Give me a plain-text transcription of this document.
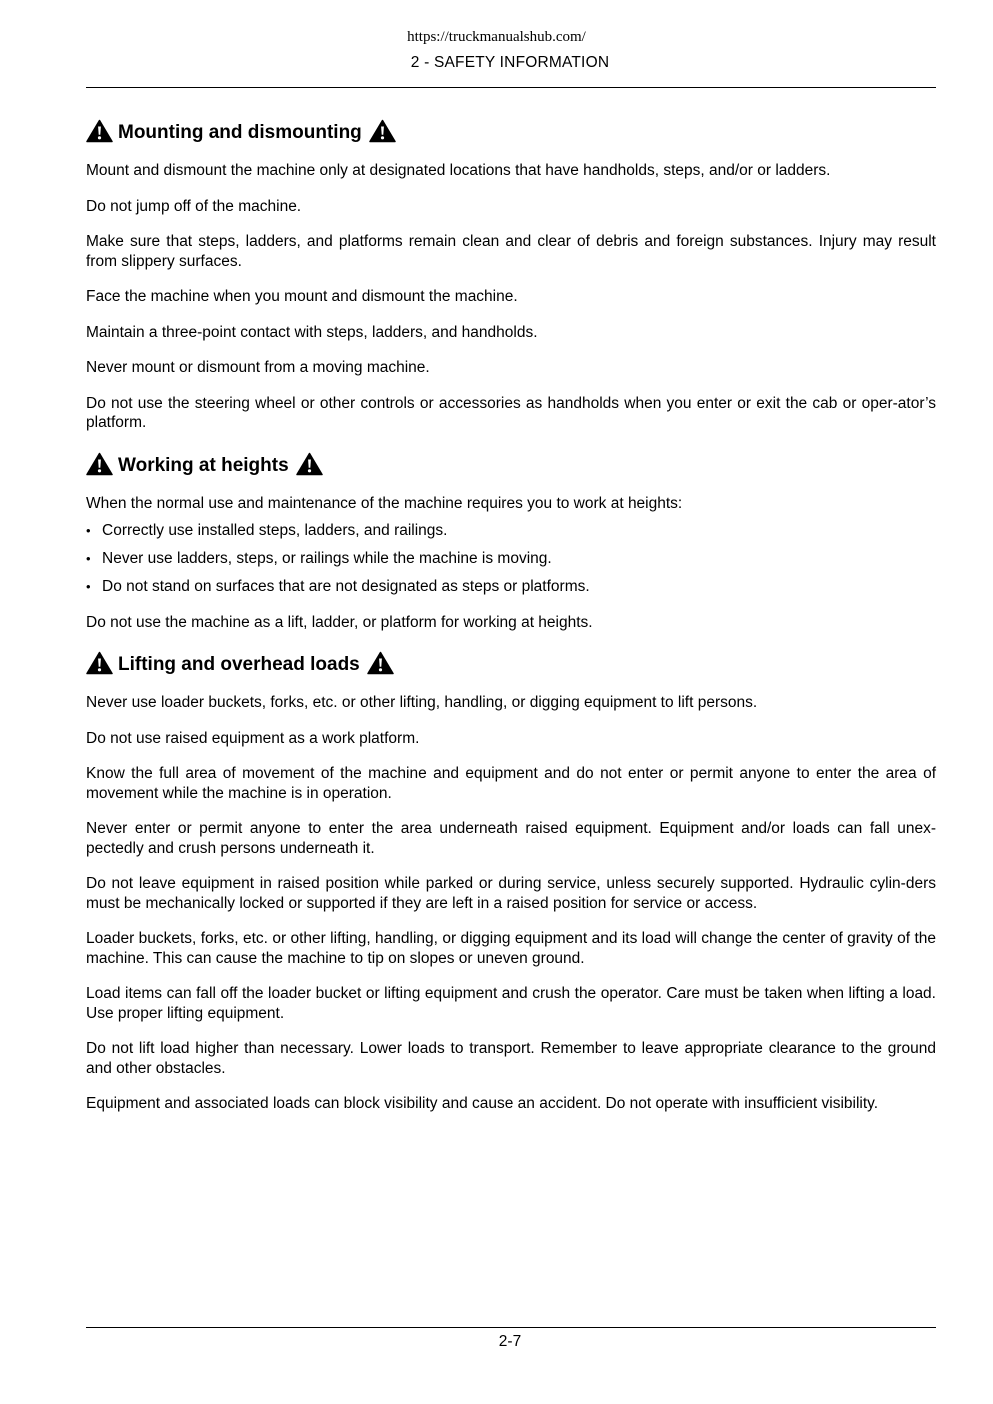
https://truckmanualshub.com/
2 - SAFETY INFORMATION
Mounting and dismounting

Mount and dismount the machine only at designated locations that have handholds, steps, and/or or ladders.

Do not jump off of the machine.

Make sure that steps, ladders, and platforms remain clean and clear of debris and foreign substances. Injury may result from slippery surfaces.

Face the machine when you mount and dismount the machine.

Maintain a three-point contact with steps, ladders, and handholds.

Never mount or dismount from a moving machine.

Do not use the steering wheel or other controls or accessories as handholds when you enter or exit the cab or oper-ator’s platform.

Working at heights

When the normal use and maintenance of the machine requires you to work at heights:

• Correctly use installed steps, ladders, and railings.
• Never use ladders, steps, or railings while the machine is moving.
• Do not stand on surfaces that are not designated as steps or platforms.

Do not use the machine as a lift, ladder, or platform for working at heights.

Lifting and overhead loads

Never use loader buckets, forks, etc. or other lifting, handling, or digging equipment to lift persons.

Do not use raised equipment as a work platform.

Know the full area of movement of the machine and equipment and do not enter or permit anyone to enter the area of movement while the machine is in operation.

Never enter or permit anyone to enter the area underneath raised equipment. Equipment and/or loads can fall unex-pectedly and crush persons underneath it.

Do not leave equipment in raised position while parked or during service, unless securely supported. Hydraulic cylin-ders must be mechanically locked or supported if they are left in a raised position for service or access.

Loader buckets, forks, etc. or other lifting, handling, or digging equipment and its load will change the center of gravity of the machine. This can cause the machine to tip on slopes or uneven ground.

Load items can fall off the loader bucket or lifting equipment and crush the operator. Care must be taken when lifting a load. Use proper lifting equipment.

Do not lift load higher than necessary. Lower loads to transport. Remember to leave appropriate clearance to the ground and other obstacles.

Equipment and associated loads can block visibility and cause an accident. Do not operate with insufficient visibility.

2-7
